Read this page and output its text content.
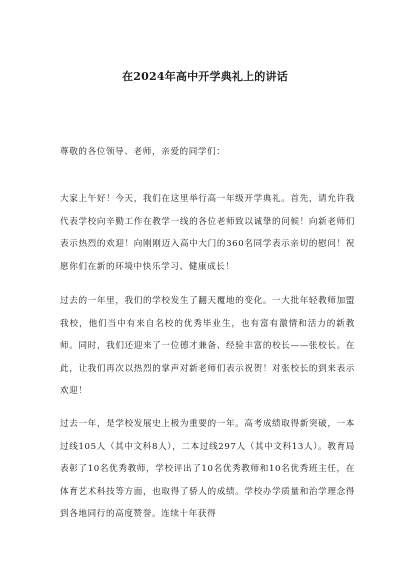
在2024年高中开学典礼上的讲话
尊敬的各位领导、老师，亲爱的同学们：
大家上午好！今天，我们在这里举行高一年级开学典礼。首先，请允许我代表学校向辛勤工作在教学一线的各位老师致以诚挚的问候！向新老师们表示热烈的欢迎！向刚刚迈入高中大门的360名同学表示亲切的慰问！祝愿你们在新的环境中快乐学习、健康成长！
过去的一年里，我们的学校发生了翻天覆地的变化。一大批年轻教师加盟我校，他们当中有来自名校的优秀毕业生，也有富有激情和活力的新教师。同时，我们还迎来了一位德才兼备、经验丰富的校长——张校长。在此，让我们再次以热烈的掌声对新老师们表示祝贺！对张校长的到来表示欢迎！
过去一年，是学校发展史上极为重要的一年。高考成绩取得新突破，一本过线105人（其中文科8人），二本过线297人（其中文科13人）。教育局表彰了10名优秀教师，学校评出了10名优秀教师和10名优秀班主任，在体育艺术科技等方面，也取得了骄人的成绩。学校办学质量和治学理念得到各地同行的高度赞誉。连续十年获得
